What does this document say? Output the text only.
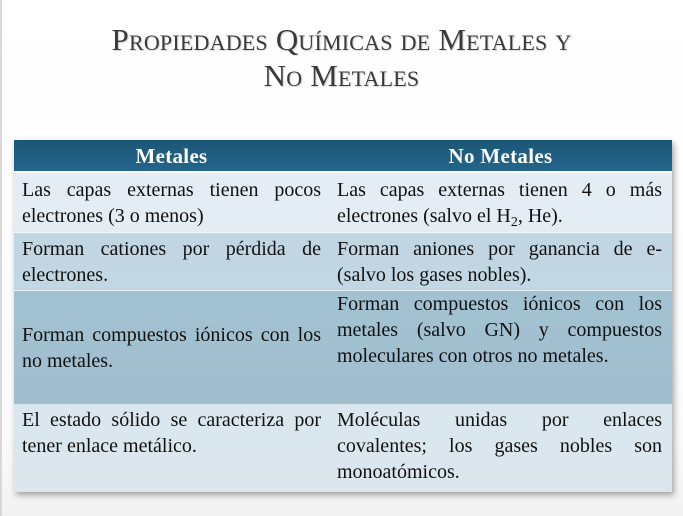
Propiedades Químicas de Metales y
No Metales
Metales	No Metales
Las capas externas tienen pocos electrones (3 o menos)
Las capas externas tienen 4 o más electrones (salvo el $H_2$, He).
Forman cationes por pérdida de electrones.
Forman aniones por ganancia de e- (salvo los gases nobles).
Forman compuestos iónicos con los no metales.
Forman compuestos iónicos con los metales (salvo GN) y compuestos moleculares con otros no metales.
El estado sólido se caracteriza por tener enlace metálico.
Moléculas unidas por enlaces covalentes; los gases nobles son monoatómicos.
